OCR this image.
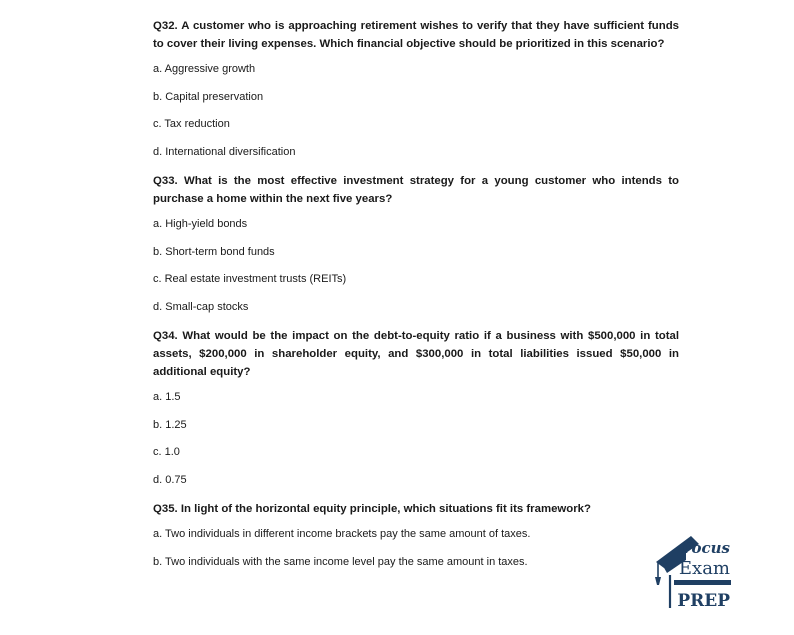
Q32. A customer who is approaching retirement wishes to verify that they have sufficient funds to cover their living expenses. Which financial objective should be prioritized in this scenario?
a. Aggressive growth
b. Capital preservation
c. Tax reduction
d. International diversification
Q33. What is the most effective investment strategy for a young customer who intends to purchase a home within the next five years?
a. High-yield bonds
b. Short-term bond funds
c. Real estate investment trusts (REITs)
d. Small-cap stocks
Q34. What would be the impact on the debt-to-equity ratio if a business with $500,000 in total assets, $200,000 in shareholder equity, and $300,000 in total liabilities issued $50,000 in additional equity?
a. 1.5
b. 1.25
c. 1.0
d. 0.75
Q35. In light of the horizontal equity principle, which situations fit its framework?
a. Two individuals in different income brackets pay the same amount of taxes.
b. Two individuals with the same income level pay the same amount in taxes.
Focus
Exam
PREP
